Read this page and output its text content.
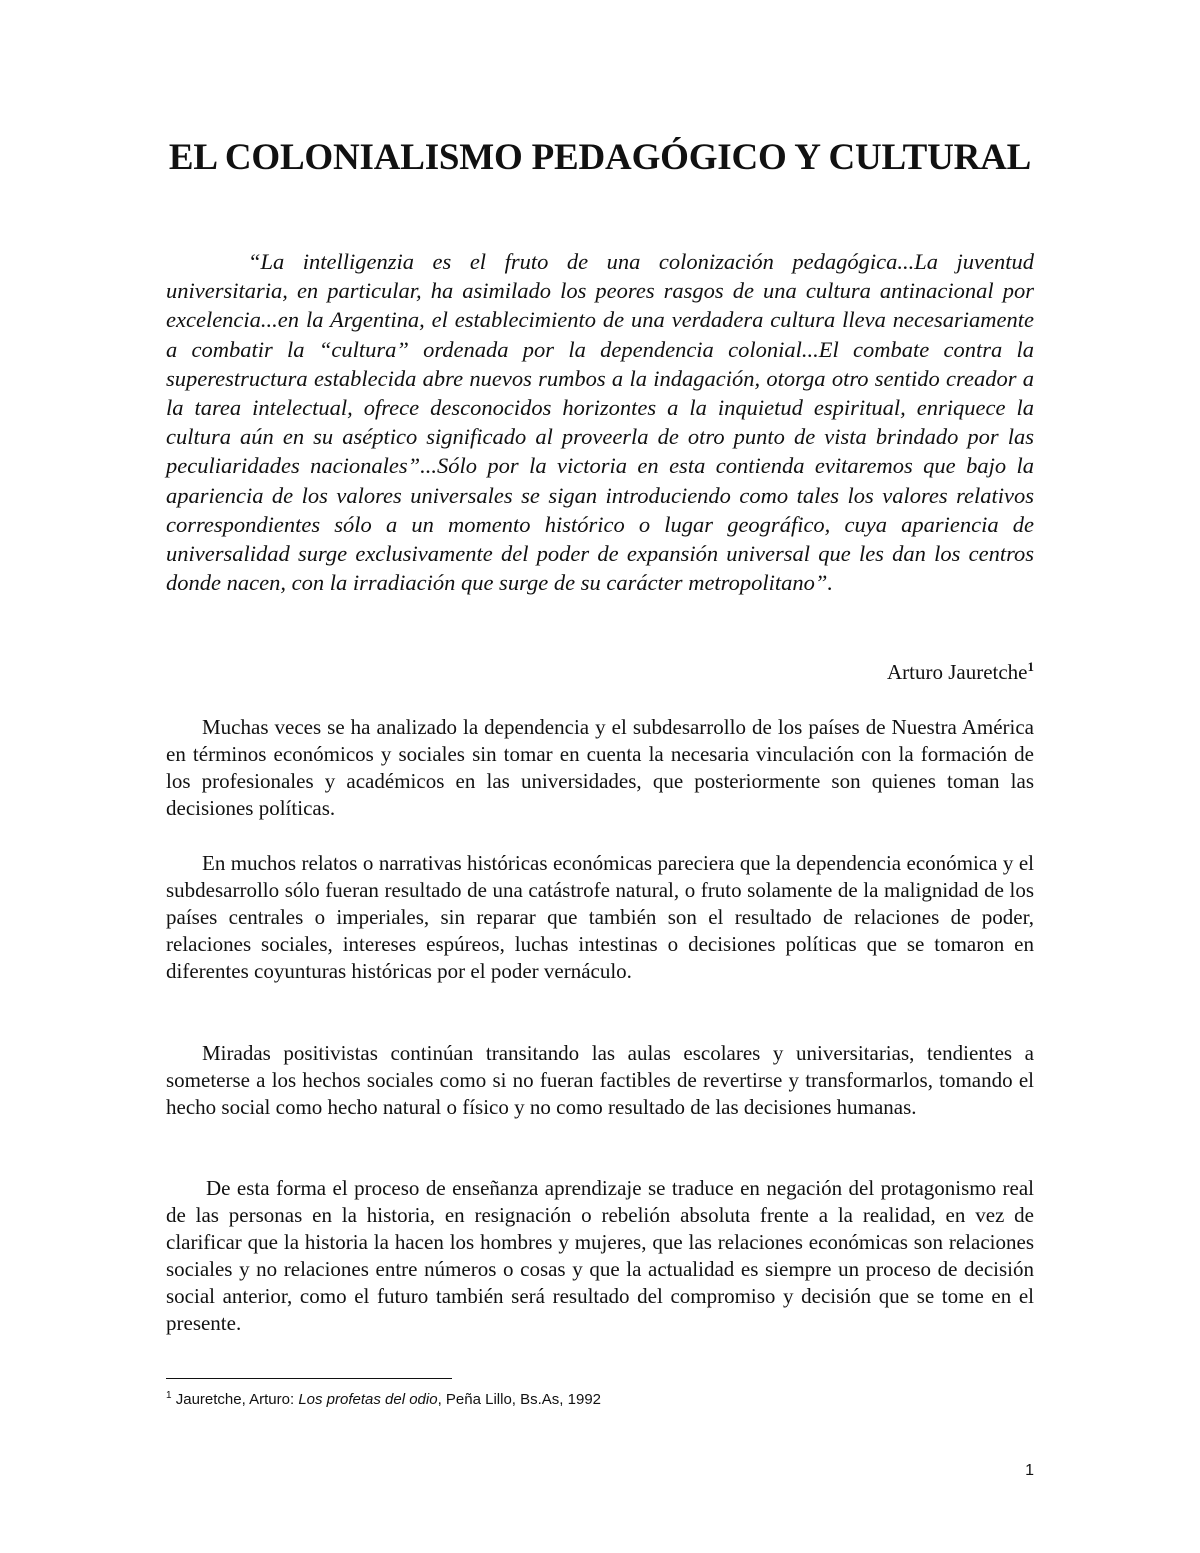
EL COLONIALISMO PEDAGÓGICO Y CULTURAL

“La intelligenzia es el fruto de una colonización pedagógica...La juventud universitaria, en particular, ha asimilado los peores rasgos de una cultura antinacional por excelencia...en la Argentina, el establecimiento de una verdadera cultura lleva necesariamente a combatir la “cultura” ordenada por la dependencia colonial...El combate contra la superestructura establecida abre nuevos rumbos a la indagación, otorga otro sentido creador a la tarea intelectual, ofrece desconocidos horizontes a la inquietud espiritual, enriquece la cultura aún en su aséptico significado al proveerla de otro punto de vista brindado por las peculiaridades nacionales”...Sólo por la victoria en esta contienda evitaremos que bajo la apariencia de los valores universales se sigan introduciendo como tales los valores relativos correspondientes sólo a un momento histórico o lugar geográfico, cuya apariencia de universalidad surge exclusivamente del poder de expansión universal que les dan los centros donde nacen, con la irradiación que surge de su carácter metropolitano”.

Arturo Jauretche$^1$

Muchas veces se ha analizado la dependencia y el subdesarrollo de los países de Nuestra América en términos económicos y sociales sin tomar en cuenta la necesaria vinculación con la formación de los profesionales y académicos en las universidades, que posteriormente son quienes toman las decisiones políticas.

En muchos relatos o narrativas históricas económicas pareciera que la dependencia económica y el subdesarrollo sólo fueran resultado de una catástrofe natural, o fruto solamente de la malignidad de los países centrales o imperiales, sin reparar que también son el resultado de relaciones de poder, relaciones sociales, intereses espúreos, luchas intestinas o decisiones políticas que se tomaron en diferentes coyunturas históricas por el poder vernáculo.

Miradas positivistas continúan transitando las aulas escolares y universitarias, tendientes a someterse a los hechos sociales como si no fueran factibles de revertirse y transformarlos, tomando el hecho social como hecho natural o físico y no como resultado de las decisiones humanas.

De esta forma el proceso de enseñanza aprendizaje se traduce en negación del protagonismo real de las personas en la historia, en resignación o rebelión absoluta frente a la realidad, en vez de clarificar que la historia la hacen los hombres y mujeres, que las relaciones económicas son relaciones sociales y no relaciones entre números o cosas y que la actualidad es siempre un proceso de decisión social anterior, como el futuro también será resultado del compromiso y decisión que se tome en el presente.

$^1$ Jauretche, Arturo: Los profetas del odio, Peña Lillo, Bs.As, 1992

1
